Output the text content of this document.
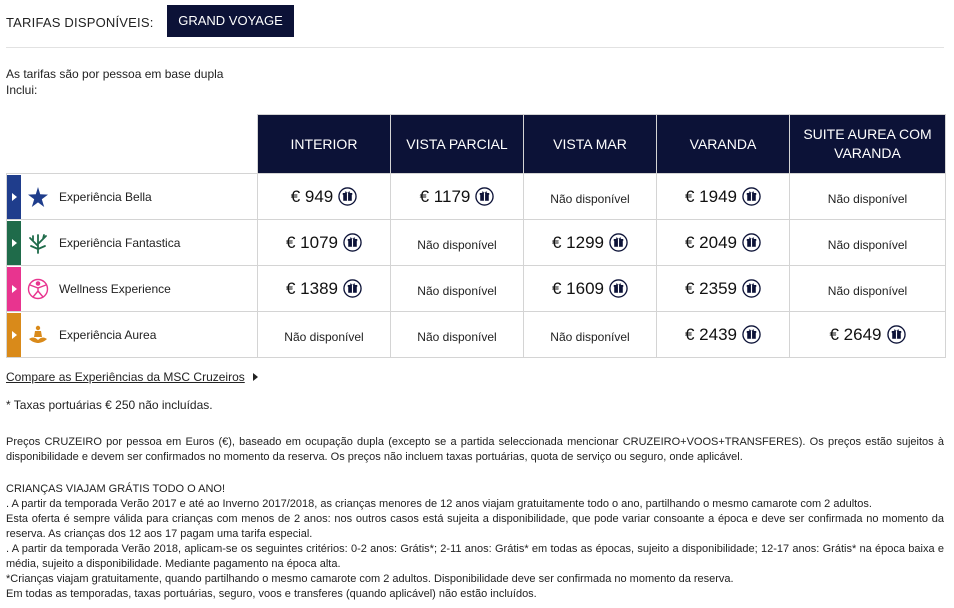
TARIFAS DISPONÍVEIS:	GRAND VOYAGE
As tarifas são por pessoa em base dupla
Inclui:
	INTERIOR	VISTA PARCIAL	VISTA MAR	VARANDA	SUITE AUREA COM VARANDA

Experiência Bella	€ 949	€ 1179	Não disponível	€ 1949	Não disponível

Experiência Fantastica	€ 1079	Não disponível	€ 1299	€ 2049	Não disponível

Wellness Experience	€ 1389	Não disponível	€ 1609	€ 2359	Não disponível

Experiência Aurea	Não disponível	Não disponível	Não disponível	€ 2439	€ 2649
Compare as Experiências da MSC Cruzeiros
* Taxas portuárias € 250 não incluídas.
Preços CRUZEIRO por pessoa em Euros (€), baseado em ocupação dupla (excepto se a partida seleccionada mencionar CRUZEIRO+VOOS+TRANSFERES). Os preços estão sujeitos à disponibilidade e devem ser confirmados no momento da reserva. Os preços não incluem taxas portuárias, quota de serviço ou seguro, onde aplicável.
CRIANÇAS VIAJAM GRÁTIS TODO O ANO!
. A partir da temporada Verão 2017 e até ao Inverno 2017/2018, as crianças menores de 12 anos viajam gratuitamente todo o ano, partilhando o mesmo camarote com 2 adultos.
Esta oferta é sempre válida para crianças com menos de 2 anos: nos outros casos está sujeita a disponibilidade, que pode variar consoante a época e deve ser confirmada no momento da reserva. As crianças dos 12 aos 17 pagam uma tarifa especial.
. A partir da temporada Verão 2018, aplicam-se os seguintes critérios: 0-2 anos: Grátis*; 2-11 anos: Grátis* em todas as épocas, sujeito a disponibilidade; 12-17 anos: Grátis* na época baixa e média, sujeito a disponibilidade. Mediante pagamento na época alta.
*Crianças viajam gratuitamente, quando partilhando o mesmo camarote com 2 adultos. Disponibilidade deve ser confirmada no momento da reserva.
Em todas as temporadas, taxas portuárias, seguro, voos e transferes (quando aplicável) não estão incluídos.
